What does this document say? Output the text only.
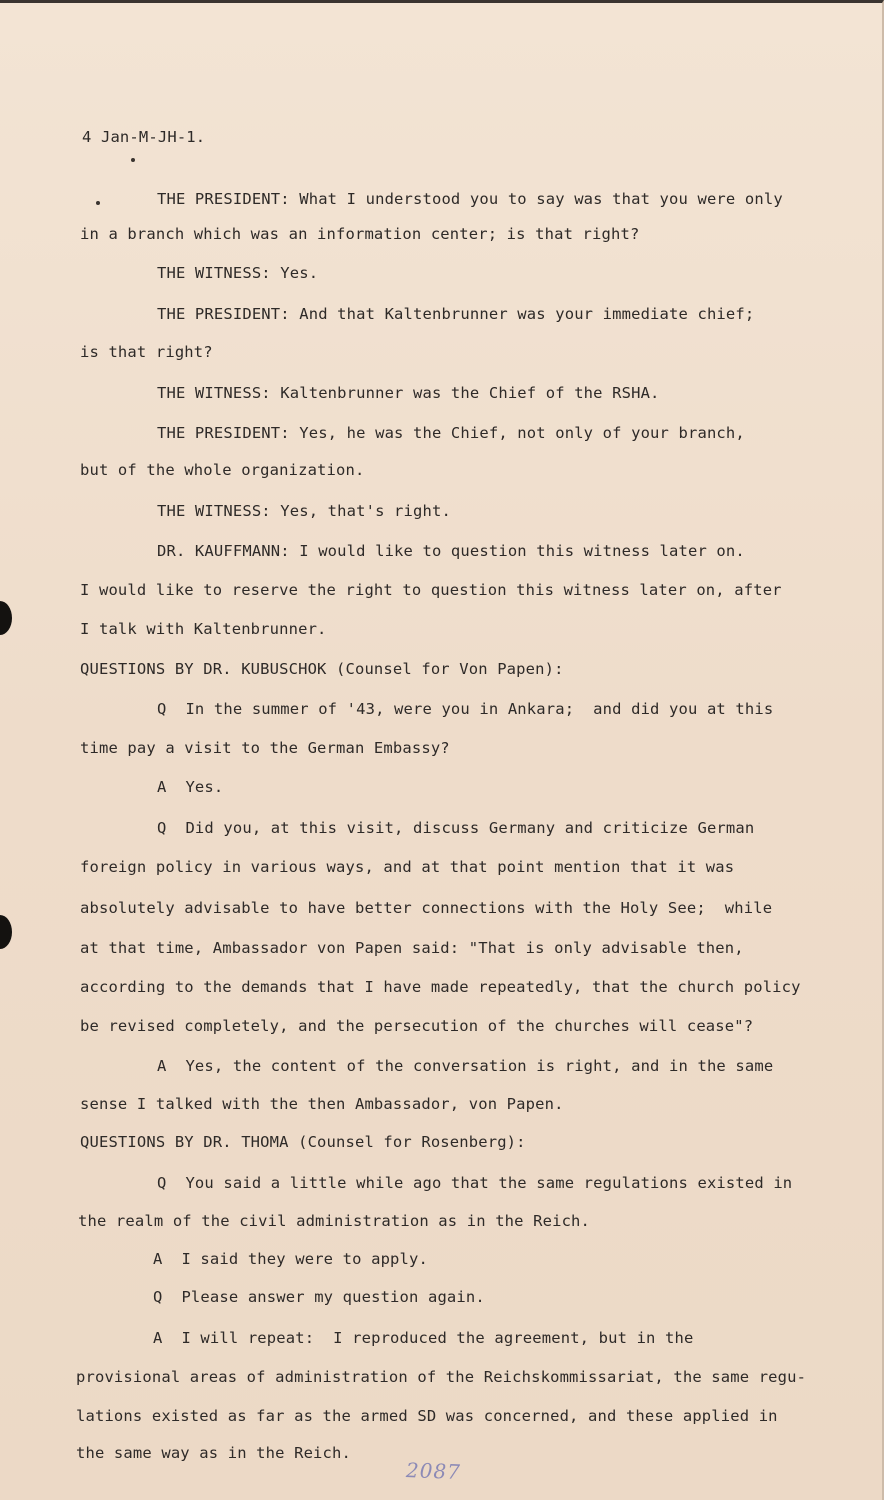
4 Jan-M-JH-1.

THE PRESIDENT: What I understood you to say was that you were only

in a branch which was an information center; is that right?

THE WITNESS: Yes.

THE PRESIDENT: And that Kaltenbrunner was your immediate chief;

is that right?

THE WITNESS: Kaltenbrunner was the Chief of the RSHA.

THE PRESIDENT: Yes, he was the Chief, not only of your branch,

but of the whole organization.

THE WITNESS: Yes, that's right.

DR. KAUFFMANN: I would like to question this witness later on.

I would like to reserve the right to question this witness later on, after

I talk with Kaltenbrunner.

QUESTIONS BY DR. KUBUSCHOK (Counsel for Von Papen):

Q  In the summer of '43, were you in Ankara;  and did you at this

time pay a visit to the German Embassy?

A  Yes.

Q  Did you, at this visit, discuss Germany and criticize German

foreign policy in various ways, and at that point mention that it was

absolutely advisable to have better connections with the Holy See;  while

at that time, Ambassador von Papen said: "That is only advisable then,

according to the demands that I have made repeatedly, that the church policy

be revised completely, and the persecution of the churches will cease"?

A  Yes, the content of the conversation is right, and in the same

sense I talked with the then Ambassador, von Papen.

QUESTIONS BY DR. THOMA (Counsel for Rosenberg):

Q  You said a little while ago that the same regulations existed in

the realm of the civil administration as in the Reich.

A  I said they were to apply.

Q  Please answer my question again.

A  I will repeat:  I reproduced the agreement, but in the

provisional areas of administration of the Reichskommissariat, the same regu-

lations existed as far as the armed SD was concerned, and these applied in

the same way as in the Reich.

2087
